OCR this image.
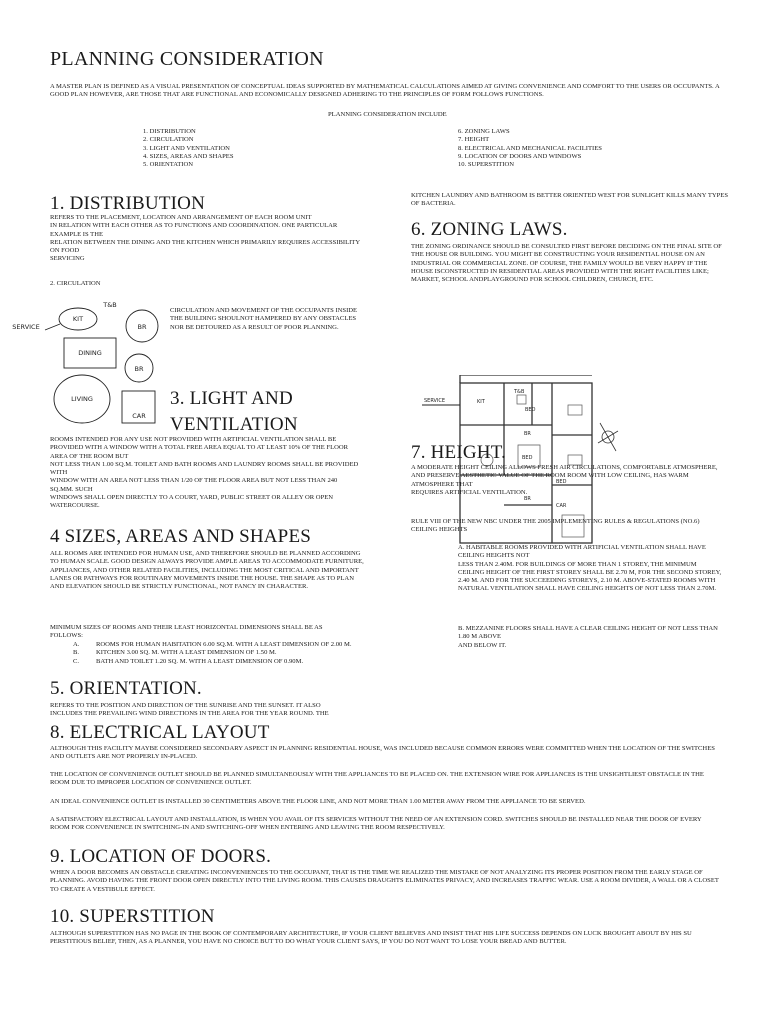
PLANNING CONSIDERATION

A MASTER PLAN IS DEFINED AS A VISUAL PRESENTATION OF CONCEPTUAL IDEAS SUPPORTED BY MATHEMATICAL CALCULATIONS AIMED AT GIVING CONVENIENCE AND COMFORT TO THE USERS OR OCCUPANTS. A GOOD PLAN HOWEVER, ARE THOSE THAT ARE FUNCTIONAL AND ECONOMICALLY DESIGNED ADHERING TO THE PRINCIPLES OF FORM FOLLOWS FUNCTIONS.

PLANNING CONSIDERATION INCLUDE

1. DISTRIBUTION
2. CIRCULATION
3. LIGHT AND VENTILATION
4. SIZES, AREAS AND SHAPES
5. ORIENTATION
6. ZONING LAWS
7. HEIGHT
8. ELECTRICAL AND MECHANICAL FACILITIES
9. LOCATION OF DOORS AND WINDOWS
10. SUPERSTITION
1. DISTRIBUTION

REFERS TO THE PLACEMENT, LOCATION AND ARRANGEMENT OF EACH ROOM UNIT
IN RELATION WITH EACH OTHER AS TO FUNCTIONS AND COORDINATION. ONE PARTICULAR EXAMPLE IS THE
RELATION BETWEEN THE DINING AND THE KITCHEN WHICH PRIMARILY REQUIRES ACCESSIBILITY ON FOOD
SERVICING

2. CIRCULATION

CIRCULATION AND MOVEMENT OF THE OCCUPANTS INSIDE THE BUILDING SHOULNOT HAMPERED BY ANY OBSTACLES NOR BE DETOURED AS A RESULT OF POOR PLANNING.

SERVICE
T&B
KIT
BR
DINING
BR
LIVING
CAR
3. LIGHT AND
VENTILATION

ROOMS INTENDED FOR ANY USE NOT PROVIDED WITH ARTIFICIAL VENTILATION SHALL BE PROVIDED WITH A WINDOW WITH A TOTAL FREE AREA EQUAL TO AT LEAST 10% OF THE FLOOR AREA OF THE ROOM BUT
NOT LESS THAN 1.00 SQ.M. TOILET AND BATH ROOMS AND LAUNDRY ROOMS SHALL BE PROVIDED WITH
WINDOW WITH AN AREA NOT LESS THAN 1/20 OF THE FLOOR AREA BUT NOT LESS THAN 240 SQ.MM. SUCH
WINDOWS SHALL OPEN DIRECTLY TO A COURT, YARD, PUBLIC STREET OR ALLEY OR OPEN WATERCOURSE.

4 SIZES, AREAS AND SHAPES

ALL ROOMS ARE INTENDED FOR HUMAN USE, AND THEREFORE SHOULD BE PLANNED ACCORDING TO HUMAN SCALE. GOOD DESIGN ALWAYS PROVIDE AMPLE AREAS TO ACCOMMODATE FURNITURE, APPLIANCES, AND OTHER RELATED FACILITIES, INCLUDING THE MOST CRITICAL AND IMPORTANT LANES OR PATHWAYS FOR ROUTINARY MOVEMENTS INSIDE THE HOUSE. THE SHAPE AS TO PLAN AND ELEVATION SHOULD BE STRICTLY FUNCTIONAL, NOT FANCY IN CHARACTER.

MINIMUM SIZES OF ROOMS AND THEIR LEAST HORIZONTAL DIMENSIONS SHALL BE AS FOLLOWS:

A.	ROOMS FOR HUMAN HABITATION 6.00 SQ.M. WITH A LEAST DIMENSION OF 2.00 M.
B.	KITCHEN 3.00 SQ. M. WITH A LEAST DIMENSION OF 1.50 M.
C.	BATH AND TOILET 1.20 SQ. M. WITH A LEAST DIMENSION OF 0.90M.
5. ORIENTATION.

REFERS TO THE POSITION AND DIRECTION OF THE SUNRISE AND THE SUNSET. IT ALSO INCLUDES THE PREVAILING WIND DIRECTIONS IN THE AREA FOR THE YEAR ROUND. THE

KITCHEN LAUNDRY AND BATHROOM IS BETTER ORIENTED WEST FOR SUNLIGHT KILLS MANY TYPES OF BACTERIA.

6. ZONING LAWS.

THE ZONING ORDINANCE SHOULD BE CONSULTED FIRST BEFORE DECIDING ON THE FINAL SITE OF THE HOUSE OR BUILDING. YOU MIGHT BE CONSTRUCTING YOUR RESIDENTIAL HOUSE ON AN
INDUSTRIAL OR COMMERCIAL ZONE. OF COURSE, THE FAMILY WOULD BE VERY HAPPY IF THE HOUSE ISCONSTRUCTED IN RESIDENTIAL AREAS PROVIDED WITH THE RIGHT FACILITIES LIKE; MARKET, SCHOOL ANDPLAYGROUND FOR SCHOOL CHILDREN, CHURCH, ETC.

SERVICE	KIT
T&B
BED
BR
BED
BR
BED
CAR
7. HEIGHT.

A MODERATE HEIGHT CEILING ALLOWS FRESH AIR CIRCULATIONS, COMFORTABLE ATMOSPHERE,
AND PRESERVE AESTHETIC VALUE OF THE ROOM ROOM WITH LOW CEILING, HAS WARM ATMOSPHERE THAT
REQUIRES ARTIFICIAL VENTILATION.

RULE VIII OF THE NEW NBC UNDER THE 2005 IMPLEMENTING RULES & REGULATIONS (NO.6) CEILING HEIGHTS

A. HABITABLE ROOMS PROVIDED WITH ARTIFICIAL VENTILATION SHALL HAVE CEILING HEIGHTS NOT
LESS THAN 2.40M. FOR BUILDINGS OF MORE THAN 1 STOREY, THE MINIMUM CEILING HEIGHT OF THE FIRST STOREY SHALL BE 2.70 M, FOR THE SECOND STOREY, 2.40 M. AND FOR THE SUCCEEDING STOREYS, 2.10 M. ABOVE-STATED ROOMS WITH NATURAL VENTILATION SHALL HAVE CEILING HEIGHTS OF NOT LESS THAN 2.70M.

B. MEZZANINE FLOORS SHALL HAVE A CLEAR CEILING HEIGHT OF NOT LESS THAN 1.80 M ABOVE
AND BELOW IT.

8. ELECTRICAL LAYOUT

ALTHOUGH THIS FACILITY MAYBE CONSIDERED SECONDARY ASPECT IN PLANNING RESIDENTIAL HOUSE, WAS INCLUDED BECAUSE COMMON ERRORS WERE COMMITTED WHEN THE LOCATION OF THE SWITCHES AND OUTLETS ARE NOT PROPERLY IN-PLACED.

THE LOCATION OF CONVENIENCE OUTLET SHOULD BE PLANNED SIMULTANEOUSLY WITH THE APPLIANCES TO BE PLACED ON. THE EXTENSION WIRE FOR APPLIANCES IS THE UNSIGHTLIEST OBSTACLE IN THE ROOM DUE TO IMPROPER LOCATION OF CONVENIENCE OUTLET.

AN IDEAL CONVENIENCE OUTLET IS INSTALLED 30 CENTIMETERS ABOVE THE FLOOR LINE, AND NOT MORE THAN 1.00 METER AWAY FROM THE APPLIANCE TO BE SERVED.

A SATISFACTORY ELECTRICAL LAYOUT AND INSTALLATION, IS WHEN YOU AVAIL OF ITS SERVICES WITHOUT THE NEED OF AN EXTENSION CORD. SWITCHES SHOULD BE INSTALLED NEAR THE DOOR OF EVERY ROOM FOR CONVENIENCE IN SWITCHING-IN AND SWITCHING-OFF WHEN ENTERING AND LEAVING THE ROOM RESPECTIVELY.

9. LOCATION OF DOORS.

WHEN A DOOR BECOMES AN OBSTACLE CREATING INCONVENIENCES TO THE OCCUPANT, THAT IS THE TIME WE REALIZED THE MISTAKE OF NOT ANALYZING ITS PROPER POSITION FROM THE EARLY STAGE OF PLANNING. AVOID HAVING THE FRONT DOOR OPEN DIRECTLY INTO THE LIVING ROOM. THIS CAUSES DRAUGHTS ELIMINATES PRIVACY, AND INCREASES TRAFFIC WEAR. USE A ROOM DIVIDER, A WALL OR A CLOSET TO CREATE A VESTIBULE EFFECT.

10. SUPERSTITION

ALTHOUGH SUPERSTITION HAS NO PAGE IN THE BOOK OF CONTEMPORARY ARCHITECTURE, IF YOUR CLIENT BELIEVES AND INSIST THAT HIS LIFE SUCCESS DEPENDS ON LUCK BROUGHT ABOUT BY HIS SU PERSTITIOUS BELIEF, THEN, AS A PLANNER, YOU HAVE NO CHOICE BUT TO DO WHAT YOUR CLIENT SAYS, IF YOU DO NOT WANT TO LOSE YOUR BREAD AND BUTTER.
